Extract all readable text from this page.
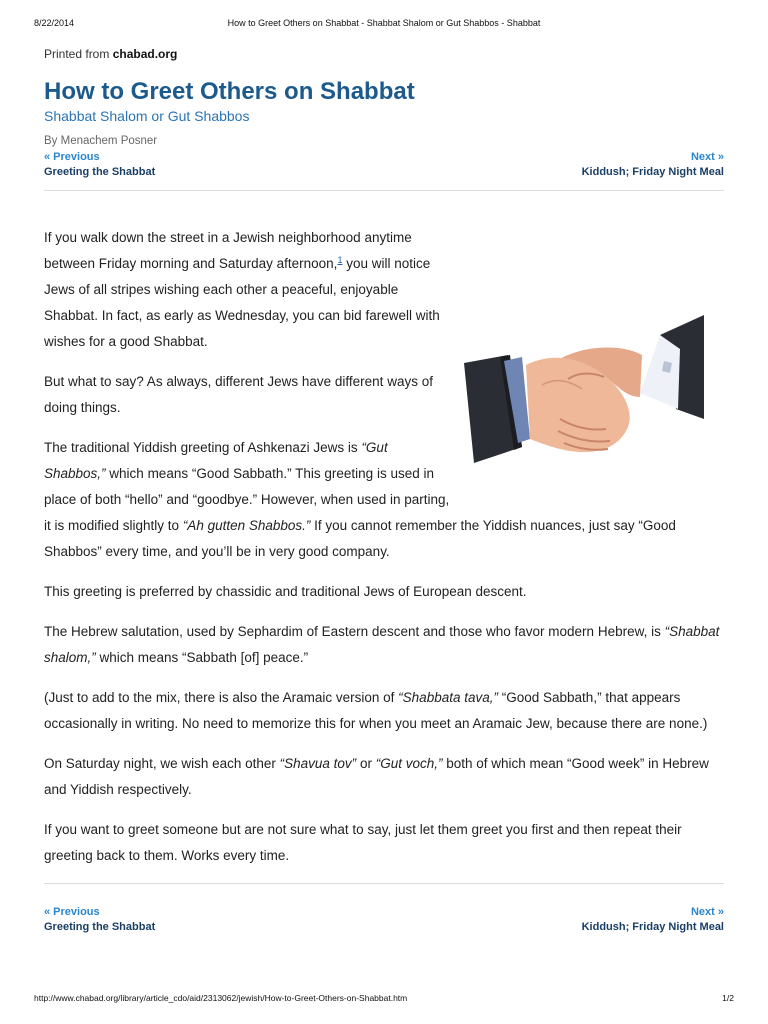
8/22/2014	How to Greet Others on Shabbat - Shabbat Shalom or Gut Shabbos - Shabbat
Printed from chabad.org
How to Greet Others on Shabbat
Shabbat Shalom or Gut Shabbos
By Menachem Posner
« Previous
Greeting the Shabbat
Next »
Kiddush; Friday Night Meal

If you walk down the street in a Jewish neighborhood anytime between Friday morning and Saturday afternoon,$^1$ you will notice Jews of all stripes wishing each other a peaceful, enjoyable Shabbat. In fact, as early as Wednesday, you can bid farewell with wishes for a good Shabbat.

But what to say? As always, different Jews have different ways of doing things.

The traditional Yiddish greeting of Ashkenazi Jews is “Gut Shabbos,” which means “Good Sabbath.” This greeting is used in place of both “hello” and “goodbye.” However, when used in parting, it is modified slightly to “Ah gutten Shabbos.” If you cannot remember the Yiddish nuances, just say “Good Shabbos” every time, and you’ll be in very good company.

This greeting is preferred by chassidic and traditional Jews of European descent.

The Hebrew salutation, used by Sephardim of Eastern descent and those who favor modern Hebrew, is “Shabbat shalom,” which means “Sabbath [of] peace.”

(Just to add to the mix, there is also the Aramaic version of “Shabbata tava,” “Good Sabbath,” that appears occasionally in writing. No need to memorize this for when you meet an Aramaic Jew, because there are none.)

On Saturday night, we wish each other “Shavua tov” or “Gut voch,” both of which mean “Good week” in Hebrew and Yiddish respectively.

If you want to greet someone but are not sure what to say, just let them greet you first and then repeat their greeting back to them. Works every time.

« Previous
Greeting the Shabbat
Next »
Kiddush; Friday Night Meal
http://www.chabad.org/library/article_cdo/aid/2313062/jewish/How-to-Greet-Others-on-Shabbat.htm	1/2
